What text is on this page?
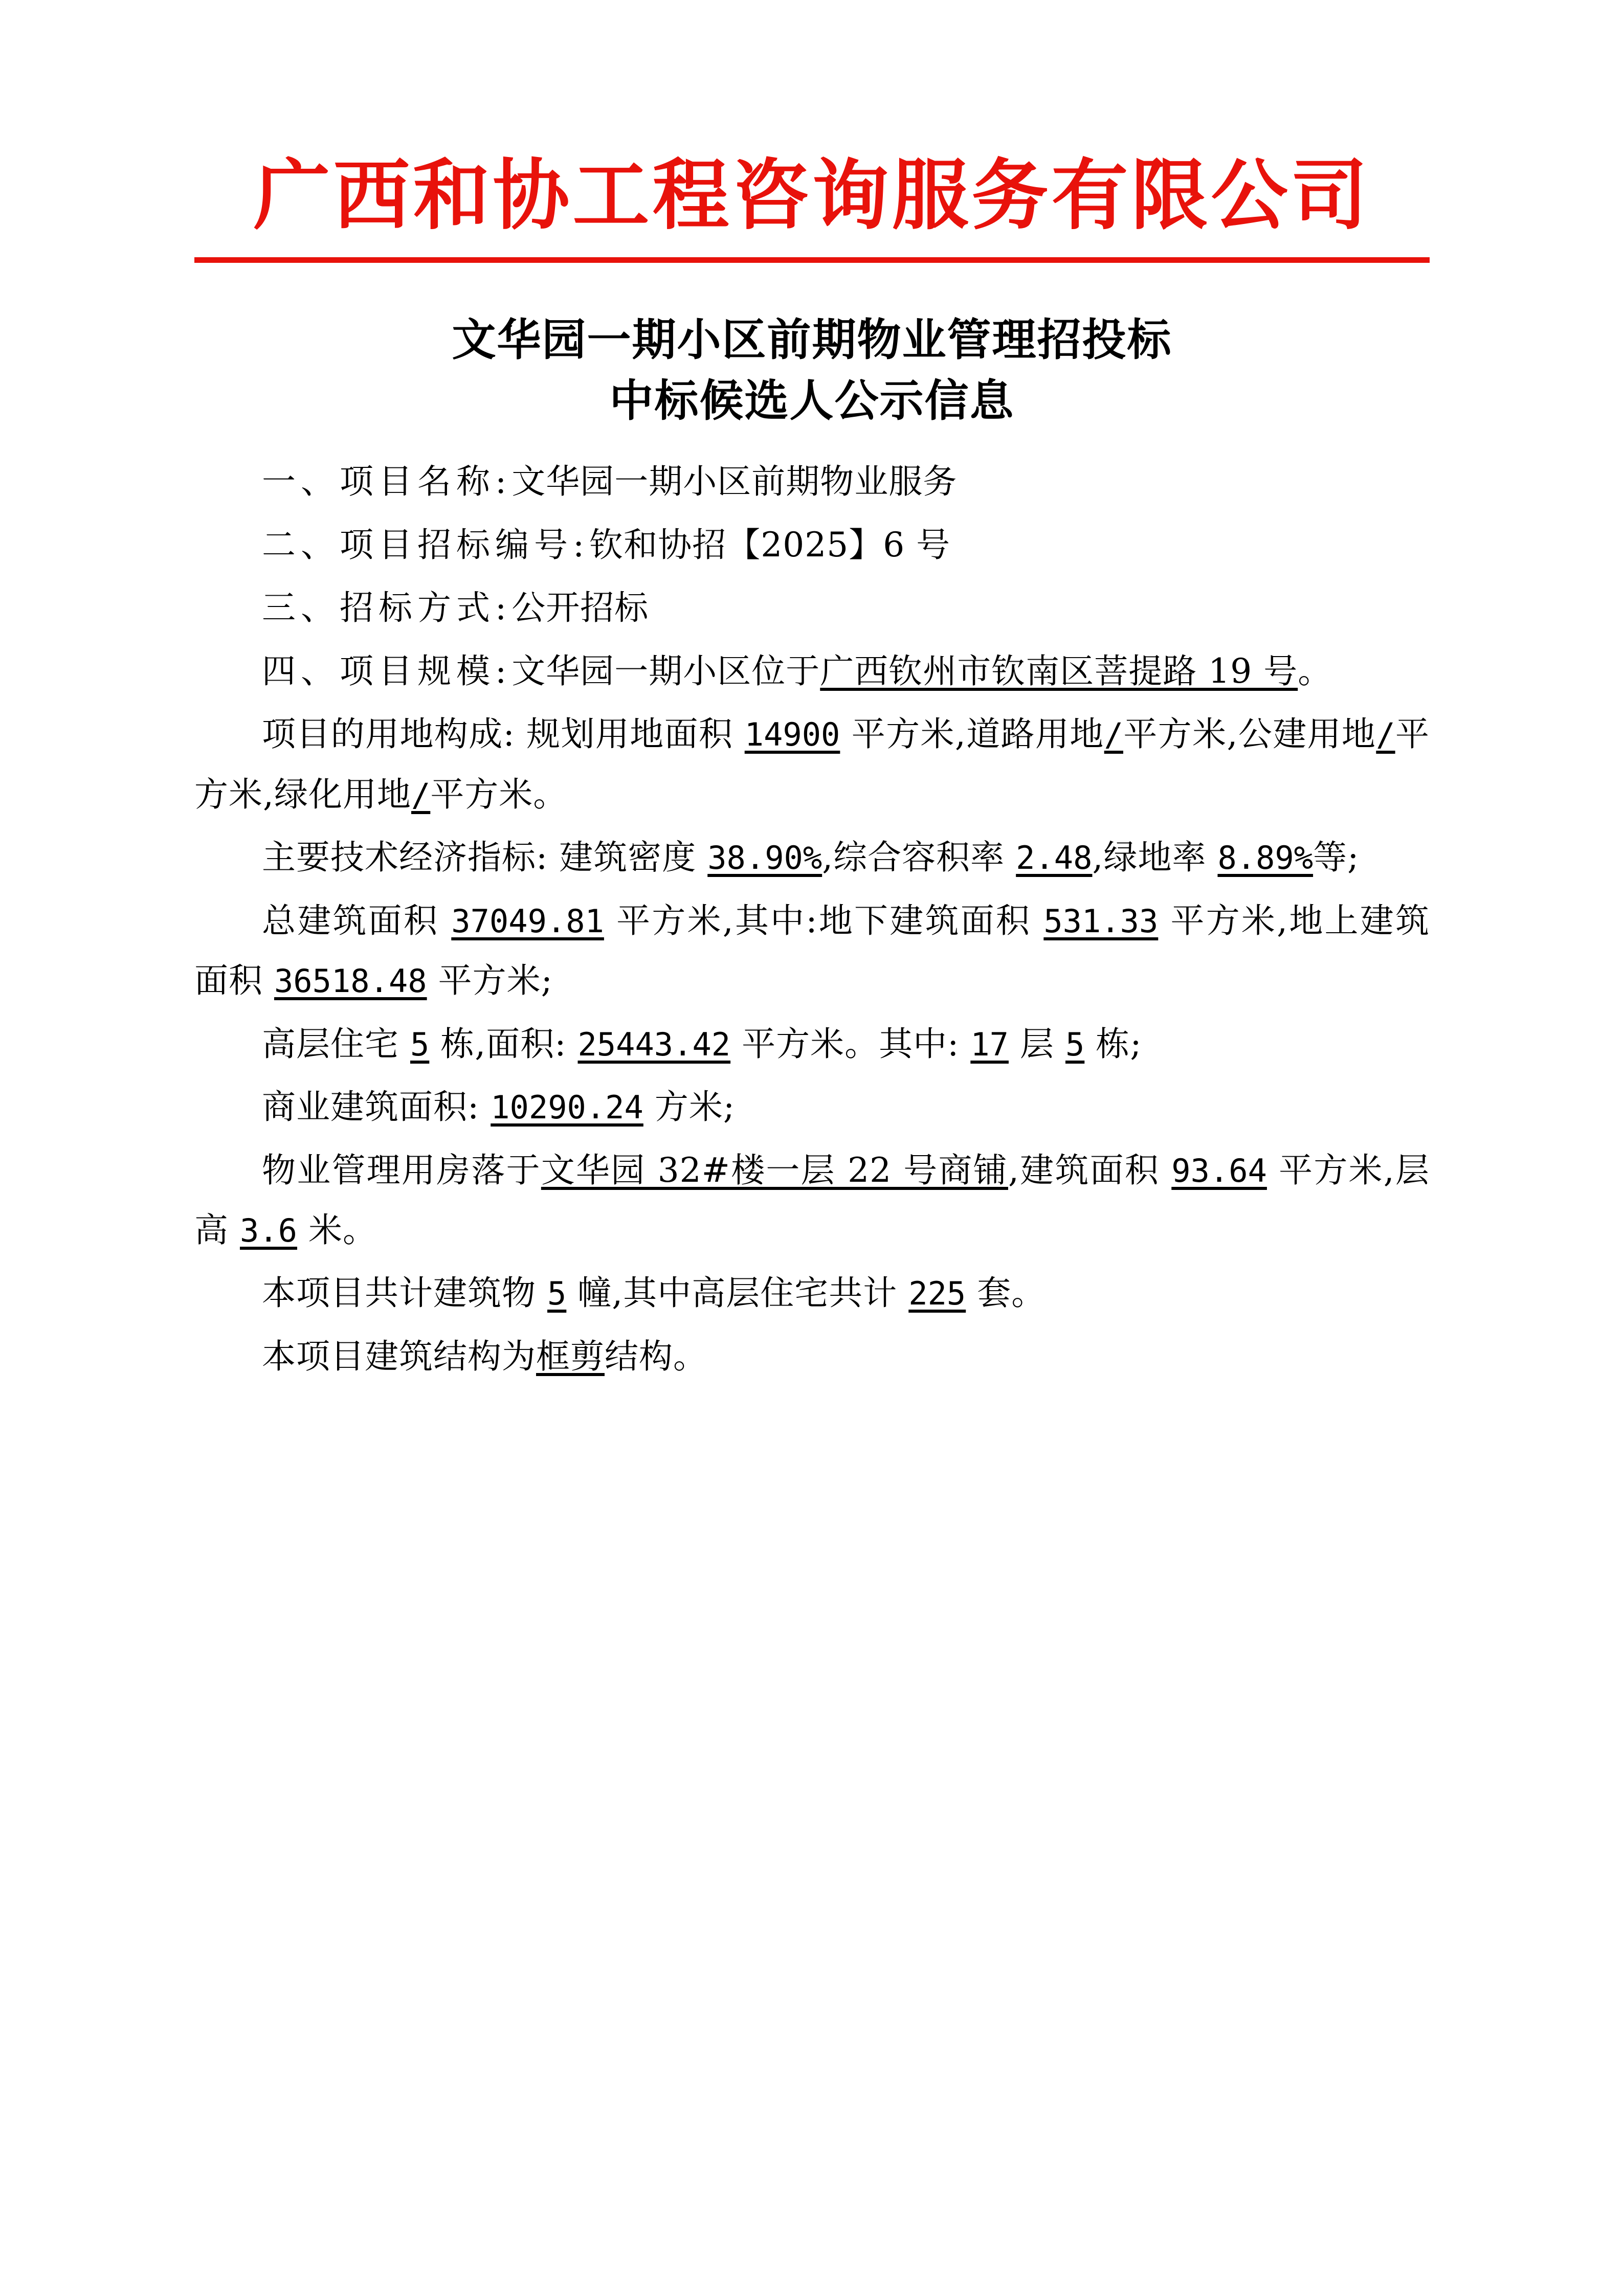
广西和协工程咨询服务有限公司
文华园一期小区前期物业管理招投标
中标候选人公示信息

一、项目名称:文华园一期小区前期物业服务

二、项目招标编号:钦和协招【2025】6 号

三、招标方式:公开招标

四、项目规模:文华园一期小区位于广西钦州市钦南区菩提路 19 号。

项目的用地构成: 规划用地面积 14900 平方米,道路用地/平方米,公建用地/平方米,绿化用地/平方米。

主要技术经济指标: 建筑密度 38.90%,综合容积率 2.48,绿地率 8.89%等;

总建筑面积 37049.81 平方米,其中:地下建筑面积 531.33 平方米,地上建筑面积 36518.48 平方米;

高层住宅 5 栋,面积: 25443.42 平方米。其中: 17 层 5 栋;

商业建筑面积: 10290.24 方米;

物业管理用房落于文华园 32#楼一层 22 号商铺,建筑面积 93.64 平方米,层高 3.6 米。

本项目共计建筑物 5 幢,其中高层住宅共计 225 套。

本项目建筑结构为框剪结构。
